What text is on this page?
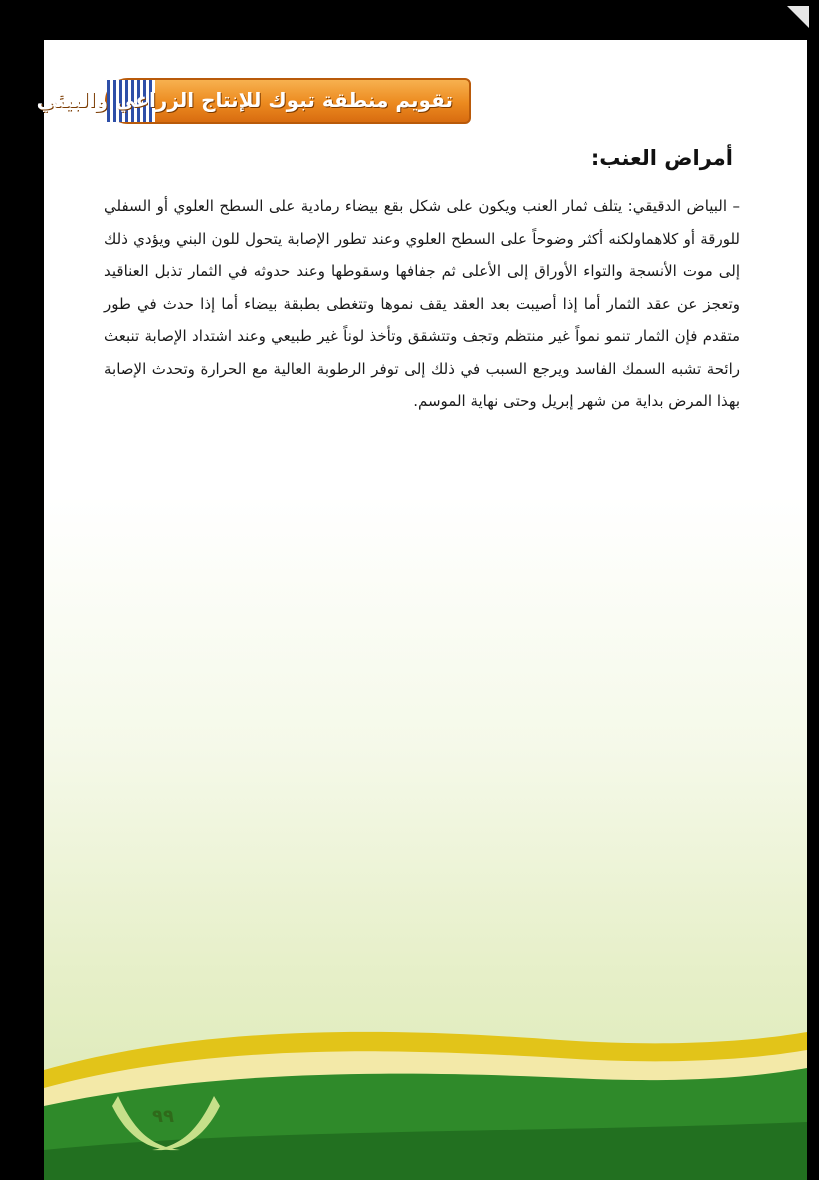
تقويم منطقة تبوك للإنتاج الزراعي والبيئي
أمراض العنب:

– البياض الدقيقي: يتلف ثمار العنب ويكون على شكل بقع بيضاء رمادية على السطح العلوي أو السفلي للورقة أو كلاهماولكنه أكثر وضوحاً على السطح العلوي وعند تطور الإصابة يتحول للون البني ويؤدي ذلك إلى موت الأنسجة والتواء الأوراق إلى الأعلى ثم جفافها وسقوطها وعند حدوثه في الثمار تذبل العناقيد وتعجز عن عقد الثمار أما إذا أصيبت بعد العقد يقف نموها وتتغطى بطبقة بيضاء أما إذا حدث في طور متقدم فإن الثمار تنمو نمواً غير منتظم وتجف وتتشقق وتأخذ لوناً غير طبيعي وعند اشتداد الإصابة تنبعث رائحة تشبه السمك الفاسد ويرجع السبب في ذلك إلى توفر الرطوبة العالية مع الحرارة وتحدث الإصابة بهذا المرض بداية من شهر إبريل وحتى نهاية الموسم.

٩٩
